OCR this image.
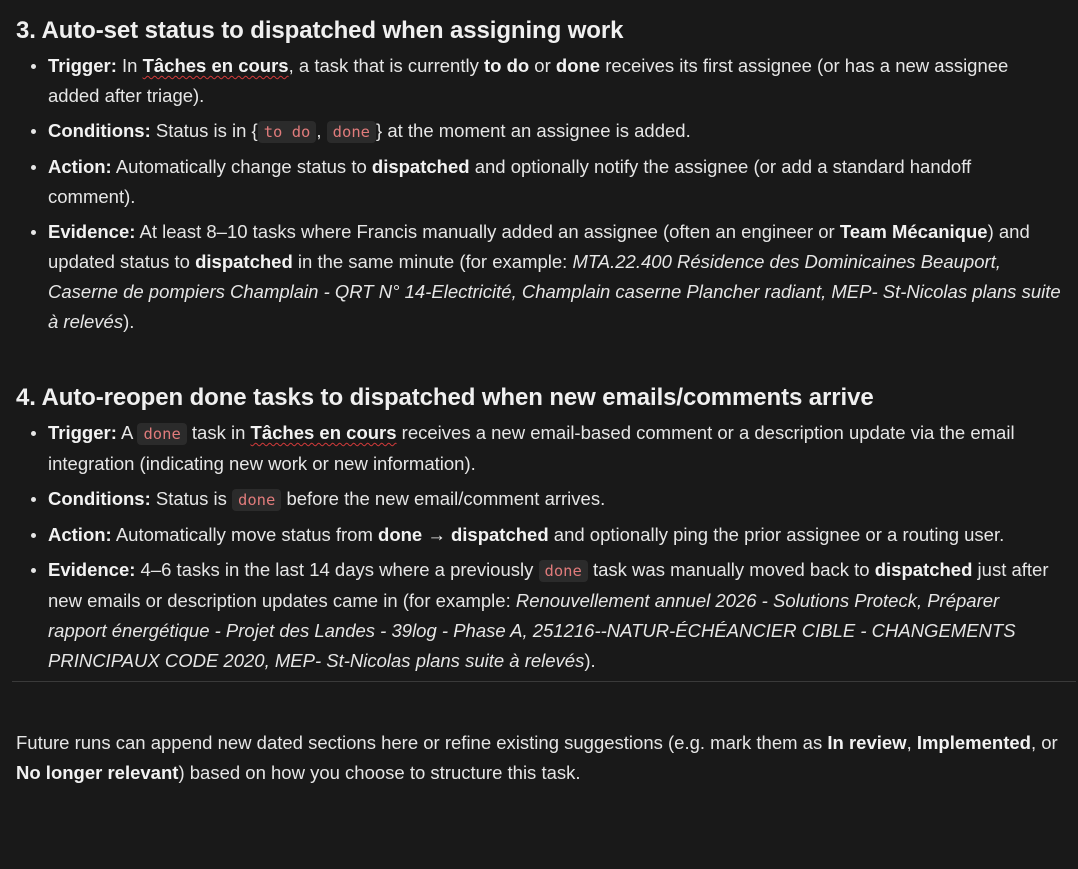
3. Auto-set status to dispatched when assigning work
• Trigger: In Tâches en cours, a task that is currently to do or done receives its first assignee (or has a new assignee added after triage).
• Conditions: Status is in { to do , done } at the moment an assignee is added.
• Action: Automatically change status to dispatched and optionally notify the assignee (or add a standard handoff comment).
• Evidence: At least 8–10 tasks where Francis manually added an assignee (often an engineer or Team Mécanique) and updated status to dispatched in the same minute (for example: MTA.22.400 Résidence des Dominicaines Beauport, Caserne de pompiers Champlain - QRT N° 14-Electricité, Champlain caserne Plancher radiant, MEP- St-Nicolas plans suite à relevés).
4. Auto-reopen done tasks to dispatched when new emails/comments arrive
• Trigger: A done task in Tâches en cours receives a new email-based comment or a description update via the email integration (indicating new work or new information).
• Conditions: Status is done before the new email/comment arrives.
• Action: Automatically move status from done → dispatched and optionally ping the prior assignee or a routing user.
• Evidence: 4–6 tasks in the last 14 days where a previously done task was manually moved back to dispatched just after new emails or description updates came in (for example: Renouvellement annuel 2026 - Solutions Proteck, Préparer rapport énergétique - Projet des Landes - 39log - Phase A, 251216--NATUR-ÉCHÉANCIER CIBLE - CHANGEMENTS PRINCIPAUX CODE 2020, MEP- St-Nicolas plans suite à relevés).

Future runs can append new dated sections here or refine existing suggestions (e.g. mark them as In review, Implemented, or No longer relevant) based on how you choose to structure this task.
